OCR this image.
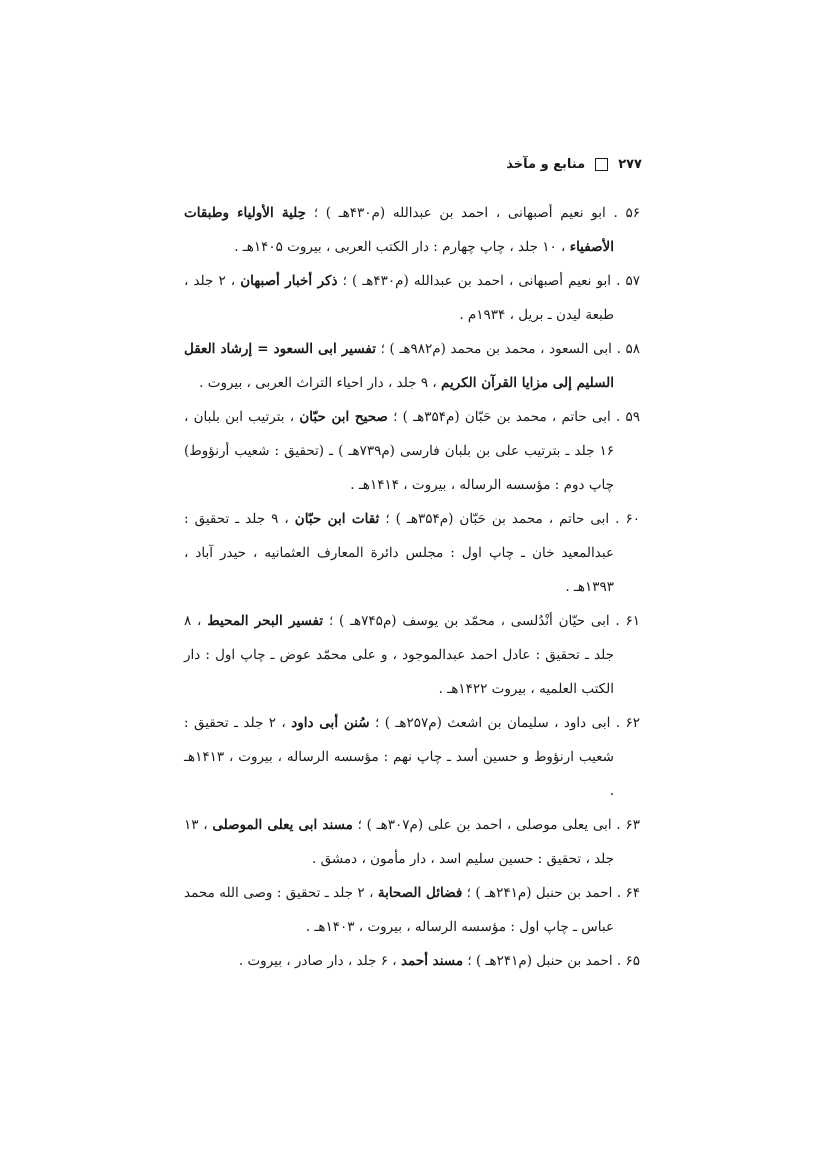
منابع و مآخذ	۲۷۷

۵۶ . ابو نعیم أصبهانی ، احمد بن عبدالله (م۴۳۰هـ ) ؛ حِلیة الأولیاء وطبقات الأصفیاء ، ۱۰ جلد ، چاپ چهارم : دار الکتب العربی ، بیروت ۱۴۰۵هـ .

۵۷ . ابو نعیم أصبهانی ، احمد بن عبدالله (م۴۳۰هـ ) ؛ ذکر أخبار أصبهان ، ۲ جلد ، طبعة لیدن ـ بریل ، ۱۹۳۴م .

۵۸ . ابی السعود ، محمد بن محمد (م۹۸۲هـ ) ؛ تفسیر ابی السعود = إرشاد العقل السلیم إلی مزایا القرآن الکریم ، ۹ جلد ، دار احیاء التراث العربی ، بیروت .

۵۹ . ابی حاتم ، محمد بن حَبّان (م۳۵۴هـ ) ؛ صحیح ابن حبّان ، بترتیب ابن بلبان ، ۱۶ جلد ـ بترتیب علی بن بلبان فارسی (م۷۳۹هـ ) ـ (تحقیق : شعیب أرنؤوط) چاپ دوم : مؤسسه الرساله ، بیروت ، ۱۴۱۴هـ .

۶۰ . ابی حاتم ، محمد بن حَبّان (م۳۵۴هـ ) ؛ ثقات ابن حبّان ، ۹ جلد ـ تحقیق : عبدالمعید خان ـ چاپ اول : مجلس دائرة المعارف العثمانیه ، حیدر آباد ، ۱۳۹۳هـ .

۶۱ . ابی حیّان أنْدُلسی ، محمّد بن یوسف (م۷۴۵هـ ) ؛ تفسیر البحر المحیط ، ۸ جلد ـ تحقیق : عادل احمد عبدالموجود ، و علی محمّد عوض ـ چاپ اول : دار الکتب العلمیه ، بیروت ۱۴۲۲هـ .

۶۲ . ابی داود ، سلیمان بن اشعث (م۲۵۷هـ ) ؛ سُنن أبی داود ، ۲ جلد ـ تحقیق : شعیب ارنؤوط و حسین أسد ـ چاپ نهم : مؤسسه الرساله ، بیروت ، ۱۴۱۳هـ .

۶۳ . ابی یعلی موصلی ، احمد بن علی (م۳۰۷هـ ) ؛ مسند ابی یعلی الموصلی ، ۱۳ جلد ، تحقیق : حسین سلیم اسد ، دار مأمون ، دمشق .

۶۴ . احمد بن حنبل (م۲۴۱هـ ) ؛ فضائل الصحابة ، ۲ جلد ـ تحقیق : وصی الله محمد عباس ـ چاپ اول : مؤسسه الرساله ، بیروت ، ۱۴۰۳هـ .

۶۵ . احمد بن حنبل (م۲۴۱هـ ) ؛ مسند أحمد ، ۶ جلد ، دار صادر ، بیروت .
